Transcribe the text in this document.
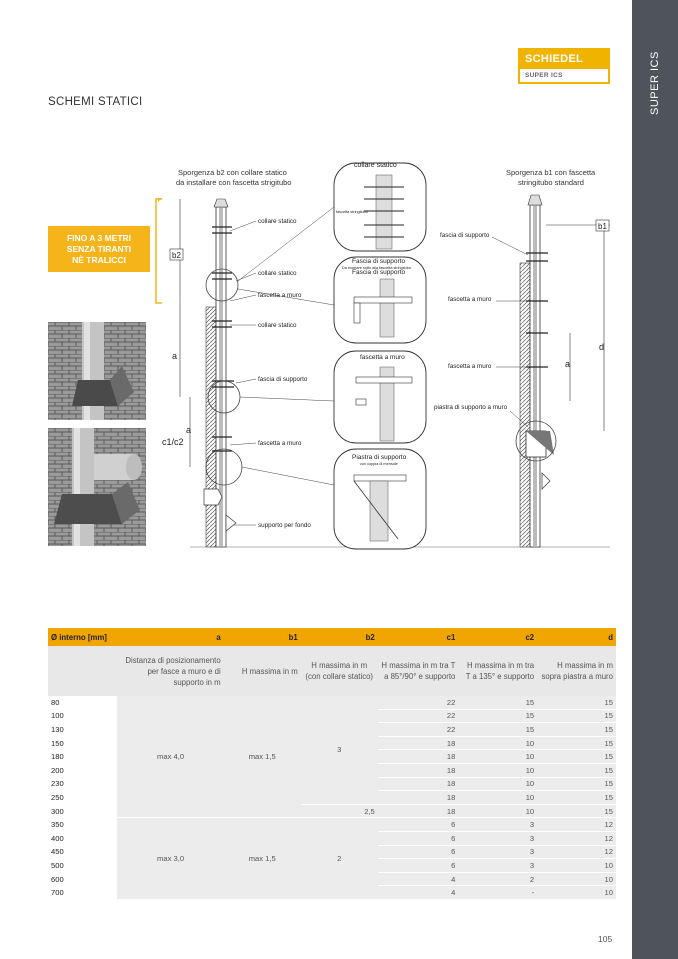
SUPER ICS
SCHIEDEL
SUPER ICS
SCHEMI STATICI
FINO A 3 METRI
SENZA TIRANTI
NÈ TRALICCI
Sporgenza b2 con collare statico
da installare con fascetta strigitubo
Sporgenza b1 con fascetta
stringitubo standard
b2
a
a
c1/c2
collare statico
collare statico
fascetta a muro
collare statico
fascia di supporto
fascetta a muro
supporto per fondo
collare statico
fascetta stringitubo
Fascia di supporto
Da montare sotto alla fascetta stringitubo
Fascia di supporto
fascetta a muro
Piastra di supporto
con coppia di mensole
b1
d
a
fascia di supporto
fascetta a muro
fascetta a muro
piastra di supporto a muro
Ø interno [mm]	a	b1	b2	c1	c2	d
	Distanza di posizionamento per fasce a muro e di supporto in m	H massima in m	H massima in m (con collare statico)	H massima in m tra T a 85°/90° e supporto	H massima in m tra T a 135° e supporto	H massima in m sopra piastra a muro
80	max 4,0	max 1,5	3	22	15	15
100				22	15	15
130				22	15	15
150				18	10	15
180				18	10	15
200				18	10	15
230				18	10	15
250				18	10	15
300			2,5	18	10	15
350	max 3,0	max 1,5	2	6	3	12
400				6	3	12
450				6	3	12
500				6	3	10
600				4	2	10
700				4	-	10
105
